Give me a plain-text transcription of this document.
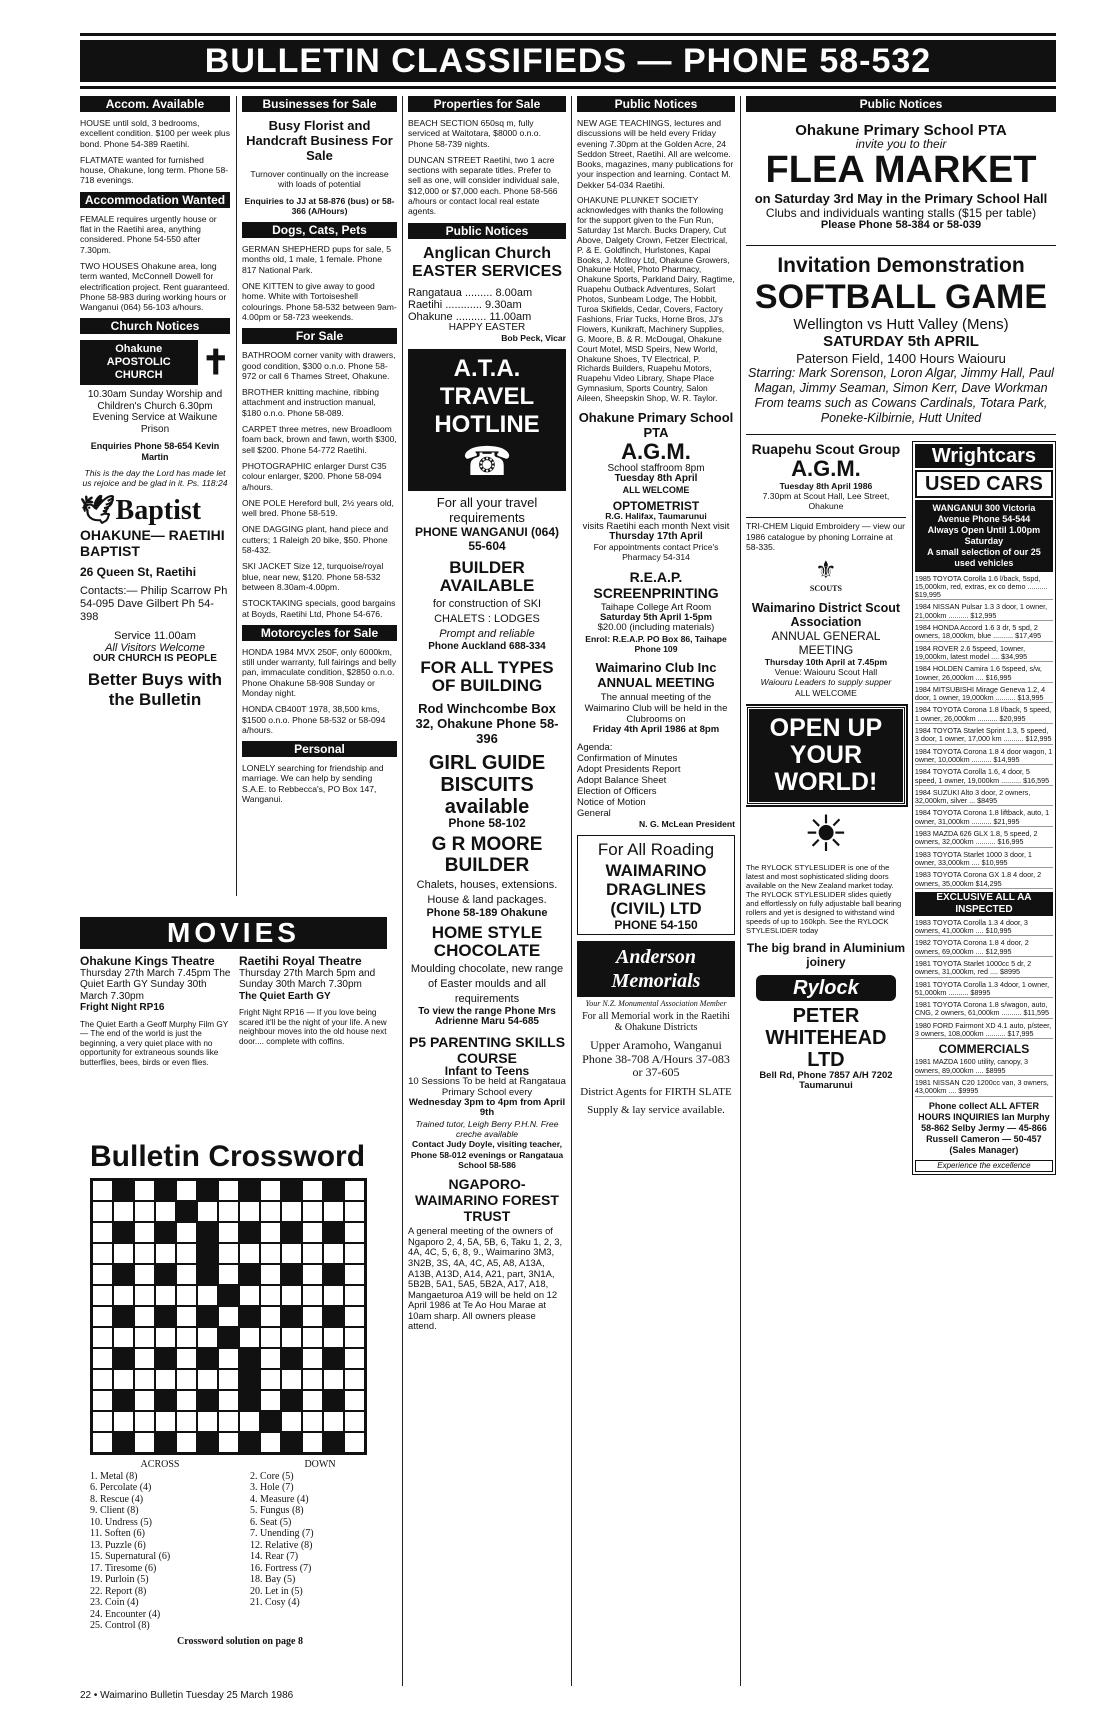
BULLETIN CLASSIFIEDS — PHONE 58-532
Accom. Available

HOUSE until sold, 3 bedrooms, excellent condition. $100 per week plus bond. Phone 54-389 Raetihi.

FLATMATE wanted for furnished house, Ohakune, long term. Phone 58-718 evenings.

Accommodation Wanted

FEMALE requires urgently house or flat in the Raetihi area, anything considered. Phone 54-550 after 7.30pm.

TWO HOUSES Ohakune area, long term wanted, McConnell Dowell for electrification project. Rent guaranteed. Phone 58-983 during working hours or Wanganui (064) 56-103 a/hours.

Church Notices
Ohakune APOSTOLIC CHURCH	✝

10.30am Sunday Worship and Children's Church 6.30pm Evening Service at Waikune Prison

Enquiries Phone 58-654 Kevin Martin

This is the day the Lord has made let us rejoice and be glad in it. Ps. 118:24

🕊Baptist

OHAKUNE— RAETIHI BAPTIST

26 Queen St, Raetihi

Contacts:— Philip Scarrow Ph 54-095 Dave Gilbert Ph 54-398

Service 11.00am

All Visitors Welcome

OUR CHURCH IS PEOPLE

Better Buys with the Bulletin
Businesses for Sale

Busy Florist and Handcraft Business For Sale

Turnover continually on the increase with loads of potential

Enquiries to JJ at 58-876 (bus) or 58-366 (A/Hours)

Dogs, Cats, Pets

GERMAN SHEPHERD pups for sale, 5 months old, 1 male, 1 female. Phone 817 National Park.

ONE KITTEN to give away to good home. White with Tortoiseshell colourings. Phone 58-532 between 9am-4.00pm or 58-723 weekends.

For Sale

BATHROOM corner vanity with drawers, good condition, $300 o.n.o. Phone 58-972 or call 6 Thames Street, Ohakune.

BROTHER knitting machine, ribbing attachment and instruction manual, $180 o.n.o. Phone 58-089.

CARPET three metres, new Broadloom foam back, brown and fawn, worth $300, sell $200. Phone 54-772 Raetihi.

PHOTOGRAPHIC enlarger Durst C35 colour enlarger, $200. Phone 58-094 a/hours.

ONE POLE Hereford bull, 2½ years old, well bred. Phone 58-519.

ONE DAGGING plant, hand piece and cutters; 1 Raleigh 20 bike, $50. Phone 58-432.

SKI JACKET Size 12, turquoise/royal blue, near new, $120. Phone 58-532 between 8.30am-4.00pm.

STOCKTAKING specials, good bargains at Boyds, Raetihi Ltd, Phone 54-676.

Motorcycles for Sale

HONDA 1984 MVX 250F, only 6000km, still under warranty, full fairings and belly pan, immaculate condition, $2850 o.n.o. Phone Ohakune 58-908 Sunday or Monday night.

HONDA CB400T 1978, 38,500 kms, $1500 o.n.o. Phone 58-532 or 58-094 a/hours.

Personal

LONELY searching for friendship and marriage. We can help by sending S.A.E. to Rebbecca's, PO Box 147, Wanganui.

MOVIES

Ohakune Kings Theatre

Thursday 27th March 7.45pm The Quiet Earth GY Sunday 30th March 7.30pm

Fright Night RP16

The Quiet Earth a Geoff Murphy Film GY — The end of the world is just the beginning, a very quiet place with no opportunity for extraneous sounds like butterflies, bees, birds or even flies.

Raetihi Royal Theatre

Thursday 27th March 5pm and Sunday 30th March 7.30pm

The Quiet Earth GY

Fright Night RP16 — If you love being scared it'll be the night of your life. A new neighbour moves into the old house next door.... complete with coffins.

Bulletin Crossword
ACROSS
1. Metal (8)
6. Percolate (4)
8. Rescue (4)
9. Client (8)
10. Undress (5)
11. Soften (6)
13. Puzzle (6)
15. Supernatural (6)
17. Tiresome (6)
19. Purloin (5)
22. Report (8)
23. Coin (4)
24. Encounter (4)
25. Control (8)
DOWN
2. Core (5)
3. Hole (7)
4. Measure (4)
5. Fungus (8)
6. Seat (5)
7. Unending (7)
12. Relative (8)
14. Rear (7)
16. Fortress (7)
18. Bay (5)
20. Let in (5)
21. Cosy (4)
Crossword solution on page 8
Properties for Sale

BEACH SECTION 650sq m, fully serviced at Waitotara, $8000 o.n.o. Phone 58-739 nights.

DUNCAN STREET Raetihi, two 1 acre sections with separate titles. Prefer to sell as one, will consider individual sale, $12,000 or $7,000 each. Phone 58-566 a/hours or contact local real estate agents.

Public Notices

Anglican Church EASTER SERVICES

Rangataua ......... 8.00am
Raetihi ............ 9.30am
Ohakune .......... 11.00am

HAPPY EASTER

Bob Peck, Vicar

A.T.A. TRAVEL HOTLINE
☎

For all your travel requirements

PHONE WANGANUI (064) 55-604

BUILDER AVAILABLE

for construction of SKI CHALETS : LODGES

Prompt and reliable

Phone Auckland 688-334

FOR ALL TYPES OF BUILDING

Rod Winchcombe Box 32, Ohakune Phone 58-396

GIRL GUIDE BISCUITS available

Phone 58-102

G R MOORE BUILDER

Chalets, houses, extensions. House & land packages.

Phone 58-189 Ohakune

HOME STYLE CHOCOLATE

Moulding chocolate, new range of Easter moulds and all requirements

To view the range Phone Mrs Adrienne Maru 54-685

P5 PARENTING SKILLS COURSE

Infant to Teens

10 Sessions To be held at Rangataua Primary School every

Wednesday 3pm to 4pm from April 9th

Trained tutor, Leigh Berry P.H.N. Free creche available

Contact Judy Doyle, visiting teacher, Phone 58-012 evenings or Rangataua School 58-586

NGAPORO-WAIMARINO FOREST TRUST

A general meeting of the owners of Ngaporo 2, 4, 5A, 5B, 6, Taku 1, 2, 3, 4A, 4C, 5, 6, 8, 9., Waimarino 3M3, 3N2B, 3S, 4A, 4C, A5, A8, A13A, A13B, A13D, A14, A21, part, 3N1A, 5B2B, 5A1, 5A5, 5B2A, A17, A18, Mangaeturoa A19 will be held on 12 April 1986 at Te Ao Hou Marae at 10am sharp. All owners please attend.

Public Notices

NEW AGE TEACHINGS, lectures and discussions will be held every Friday evening 7.30pm at the Golden Acre, 24 Seddon Street, Raetihi. All are welcome. Books, magazines, many publications for your inspection and learning. Contact M. Dekker 54-034 Raetihi.

OHAKUNE PLUNKET SOCIETY acknowledges with thanks the following for the support given to the Fun Run, Saturday 1st March. Bucks Drapery, Cut Above, Dalgety Crown, Fetzer Electrical, P. & E. Goldfinch, Hurlstones, Kapai Books, J. McIlroy Ltd, Ohakune Growers, Ohakune Hotel, Photo Pharmacy, Ohakune Sports, Parkland Dairy, Ragtime, Ruapehu Outback Adventures, Solart Photos, Sunbeam Lodge, The Hobbit, Turoa Skifields, Cedar, Covers, Factory Fashions, Friar Tucks, Horne Bros, JJ's Flowers, Kunikraft, Machinery Supplies, G. Moore, B. & R. McDougal, Ohakune Court Motel, MSD Speirs, New World, Ohakune Shoes, TV Electrical, P. Richards Builders, Ruapehu Motors, Ruapehu Video Library, Shape Place Gymnasium, Sports Country, Salon Aileen, Sheepskin Shop, W. R. Taylor.

Ohakune Primary School PTA

A.G.M.

School staffroom 8pm

Tuesday 8th April

ALL WELCOME

OPTOMETRIST

R.G. Halifax, Taumarunui

visits Raetihi each month Next visit

Thursday 17th April

For appointments contact Price's Pharmacy 54-314

R.E.A.P. SCREENPRINTING

Taihape College Art Room

Saturday 5th April 1-5pm

$20.00 (including materials)

Enrol: R.E.A.P. PO Box 86, Taihape Phone 109

Waimarino Club Inc ANNUAL MEETING

The annual meeting of the Waimarino Club will be held in the Clubrooms on

Friday 4th April 1986 at 8pm

Agenda:
Confirmation of Minutes
Adopt Presidents Report
Adopt Balance Sheet
Election of Officers
Notice of Motion
General

N. G. McLean President

For All Roading

WAIMARINO DRAGLINES (CIVIL) LTD

PHONE 54-150

Anderson Memorials

Your N.Z. Monumental Association Member

For all Memorial work in the Raetihi & Ohakune Districts

Upper Aramoho, Wanganui Phone 38-708 A/Hours 37-083 or 37-605

District Agents for FIRTH SLATE

Supply & lay service available.

Public Notices

Ohakune Primary School PTA

invite you to their

FLEA MARKET

on Saturday 3rd May in the Primary School Hall

Clubs and individuals wanting stalls ($15 per table)

Please Phone 58-384 or 58-039

Invitation Demonstration

SOFTBALL GAME

Wellington vs Hutt Valley (Mens)

SATURDAY 5th APRIL

Paterson Field, 1400 Hours Waiouru

Starring: Mark Sorenson, Loron Algar, Jimmy Hall, Paul Magan, Jimmy Seaman, Simon Kerr, Dave Workman

From teams such as Cowans Cardinals, Totara Park, Poneke-Kilbirnie, Hutt United

Ruapehu Scout Group

A.G.M.

Tuesday 8th April 1986

7.30pm at Scout Hall, Lee Street, Ohakune

TRI-CHEM Liquid Embroidery — view our 1986 catalogue by phoning Lorraine at 58-335.

⚜

SCOUTS

Waimarino District Scout Association

ANNUAL GENERAL MEETING

Thursday 10th April at 7.45pm

Venue: Waiouru Scout Hall

Waiouru Leaders to supply supper

ALL WELCOME

OPEN UP YOUR WORLD!
☀

The RYLOCK STYLESLIDER is one of the latest and most sophisticated sliding doors available on the New Zealand market today. The RYLOCK STYLESLIDER slides quietly and effortlessly on fully adjustable ball bearing rollers and yet is designed to withstand wind speeds of up to 160kph. See the RYLOCK STYLESLIDER today

The big brand in Aluminium joinery

Rylock

PETER WHITEHEAD LTD

Bell Rd, Phone 7857 A/H 7202 Taumarunui

Wrightcars
USED CARS
WANGANUI 300 Victoria Avenue Phone 54-544
Always Open Until 1.00pm Saturday
A small selection of our 25 used vehicles

1985 TOYOTA Corolla 1.6 l/back, 5spd, 15,000km, red, extras, ex co demo .......... $19,995

1984 NISSAN Pulsar 1.3 3 door, 1 owner, 21,000km .......... $12,995

1984 HONDA Accord 1.6 3 dr, 5 spd, 2 owners, 18,000km, blue .......... $17,495

1984 ROVER 2.6 5speed, 1owner, 19,000km, latest model .... $34,995

1984 HOLDEN Camira 1.6 5speed, s/w, 1owner, 26,000km .... $16,995

1984 MITSUBISHI Mirage Geneva 1.2, 4 door, 1 owner, 19,000km .......... $13,995

1984 TOYOTA Corona 1.8 l/back, 5 speed, 1 owner, 26,000km .......... $20,995

1984 TOYOTA Starlet Sprint 1.3, 5 speed, 3 door, 1 owner, 17,000 km .......... $12,995

1984 TOYOTA Corona 1.8 4 door wagon, 1 owner, 10,000km .......... $14,995

1984 TOYOTA Corolla 1.6, 4 door, 5 speed, 1 owner, 19,000km .......... $16,595

1984 SUZUKI Alto 3 door, 2 owners, 32,000km, silver ... $8495

1984 TOYOTA Corona 1.8 liftback, auto, 1 owner, 31,000km .......... $21,995

1983 MAZDA 626 GLX 1.8, 5 speed, 2 owners, 32,000km .......... $16,995

1983 TOYOTA Starlet 1000 3 door, 1 owner, 33,000km .... $10,995

1983 TOYOTA Corona GX 1.8 4 door, 2 owners, 35,000km $14,295

EXCLUSIVE ALL AA INSPECTED

1983 TOYOTA Corolla 1.3 4 door, 3 owners, 41,000km .... $10,995

1982 TOYOTA Corona 1.8 4 door, 2 owners, 69,000km .... $12,995

1981 TOYOTA Starlet 1000cc 5 dr, 2 owners, 31,000km, red .... $8995

1981 TOYOTA Corolla 1.3 4door, 1 owner, 51,000km .......... $8995

1981 TOYOTA Corona 1.8 s/wagon, auto, CNG, 2 owners, 61,000km .......... $11,595

1980 FORD Fairmont XD 4.1 auto, p/steer, 3 owners, 108,000km .......... $17,995

COMMERCIALS

1981 MAZDA 1600 utility, canopy, 3 owners, 89,000km .... $8995

1981 NISSAN C20 1200cc van, 3 owners, 43,000km .... $9995

Phone collect ALL AFTER HOURS INQUIRIES Ian Murphy 58-862 Selby Jermy — 45-866 Russell Cameron — 50-457 (Sales Manager)

Experience the excellence
22 • Waimarino Bulletin Tuesday 25 March 1986
